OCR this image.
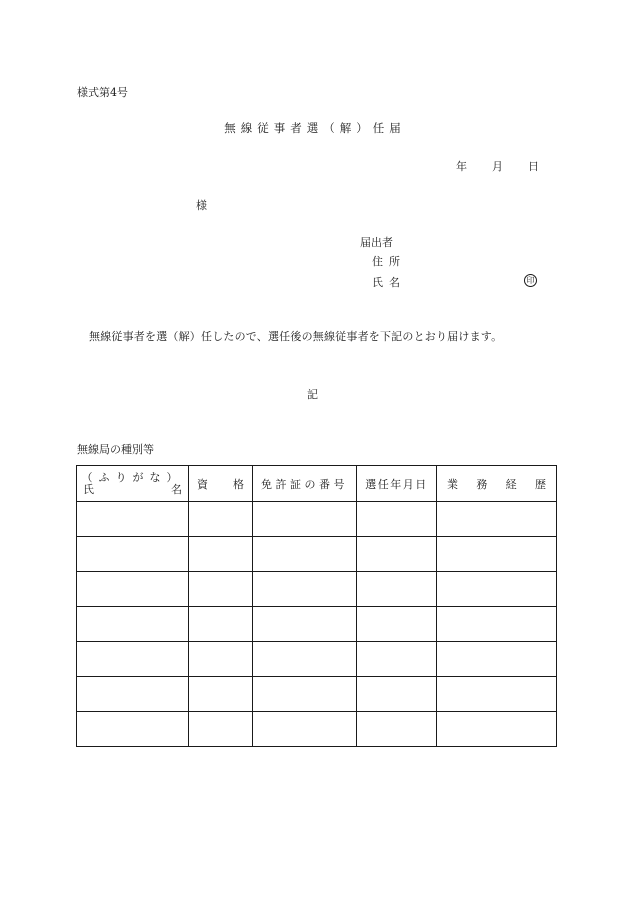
様式第4号
無線従事者選（解）任届
年 月 日
様
届出者
住所
氏名	印
無線従事者を選（解）任したので、選任後の無線従事者を下記のとおり届けます。
記
無線局の種別等
（ふりがな）
氏 名	資 格	免許証の番号	選任年月日	業 務 経 歴
